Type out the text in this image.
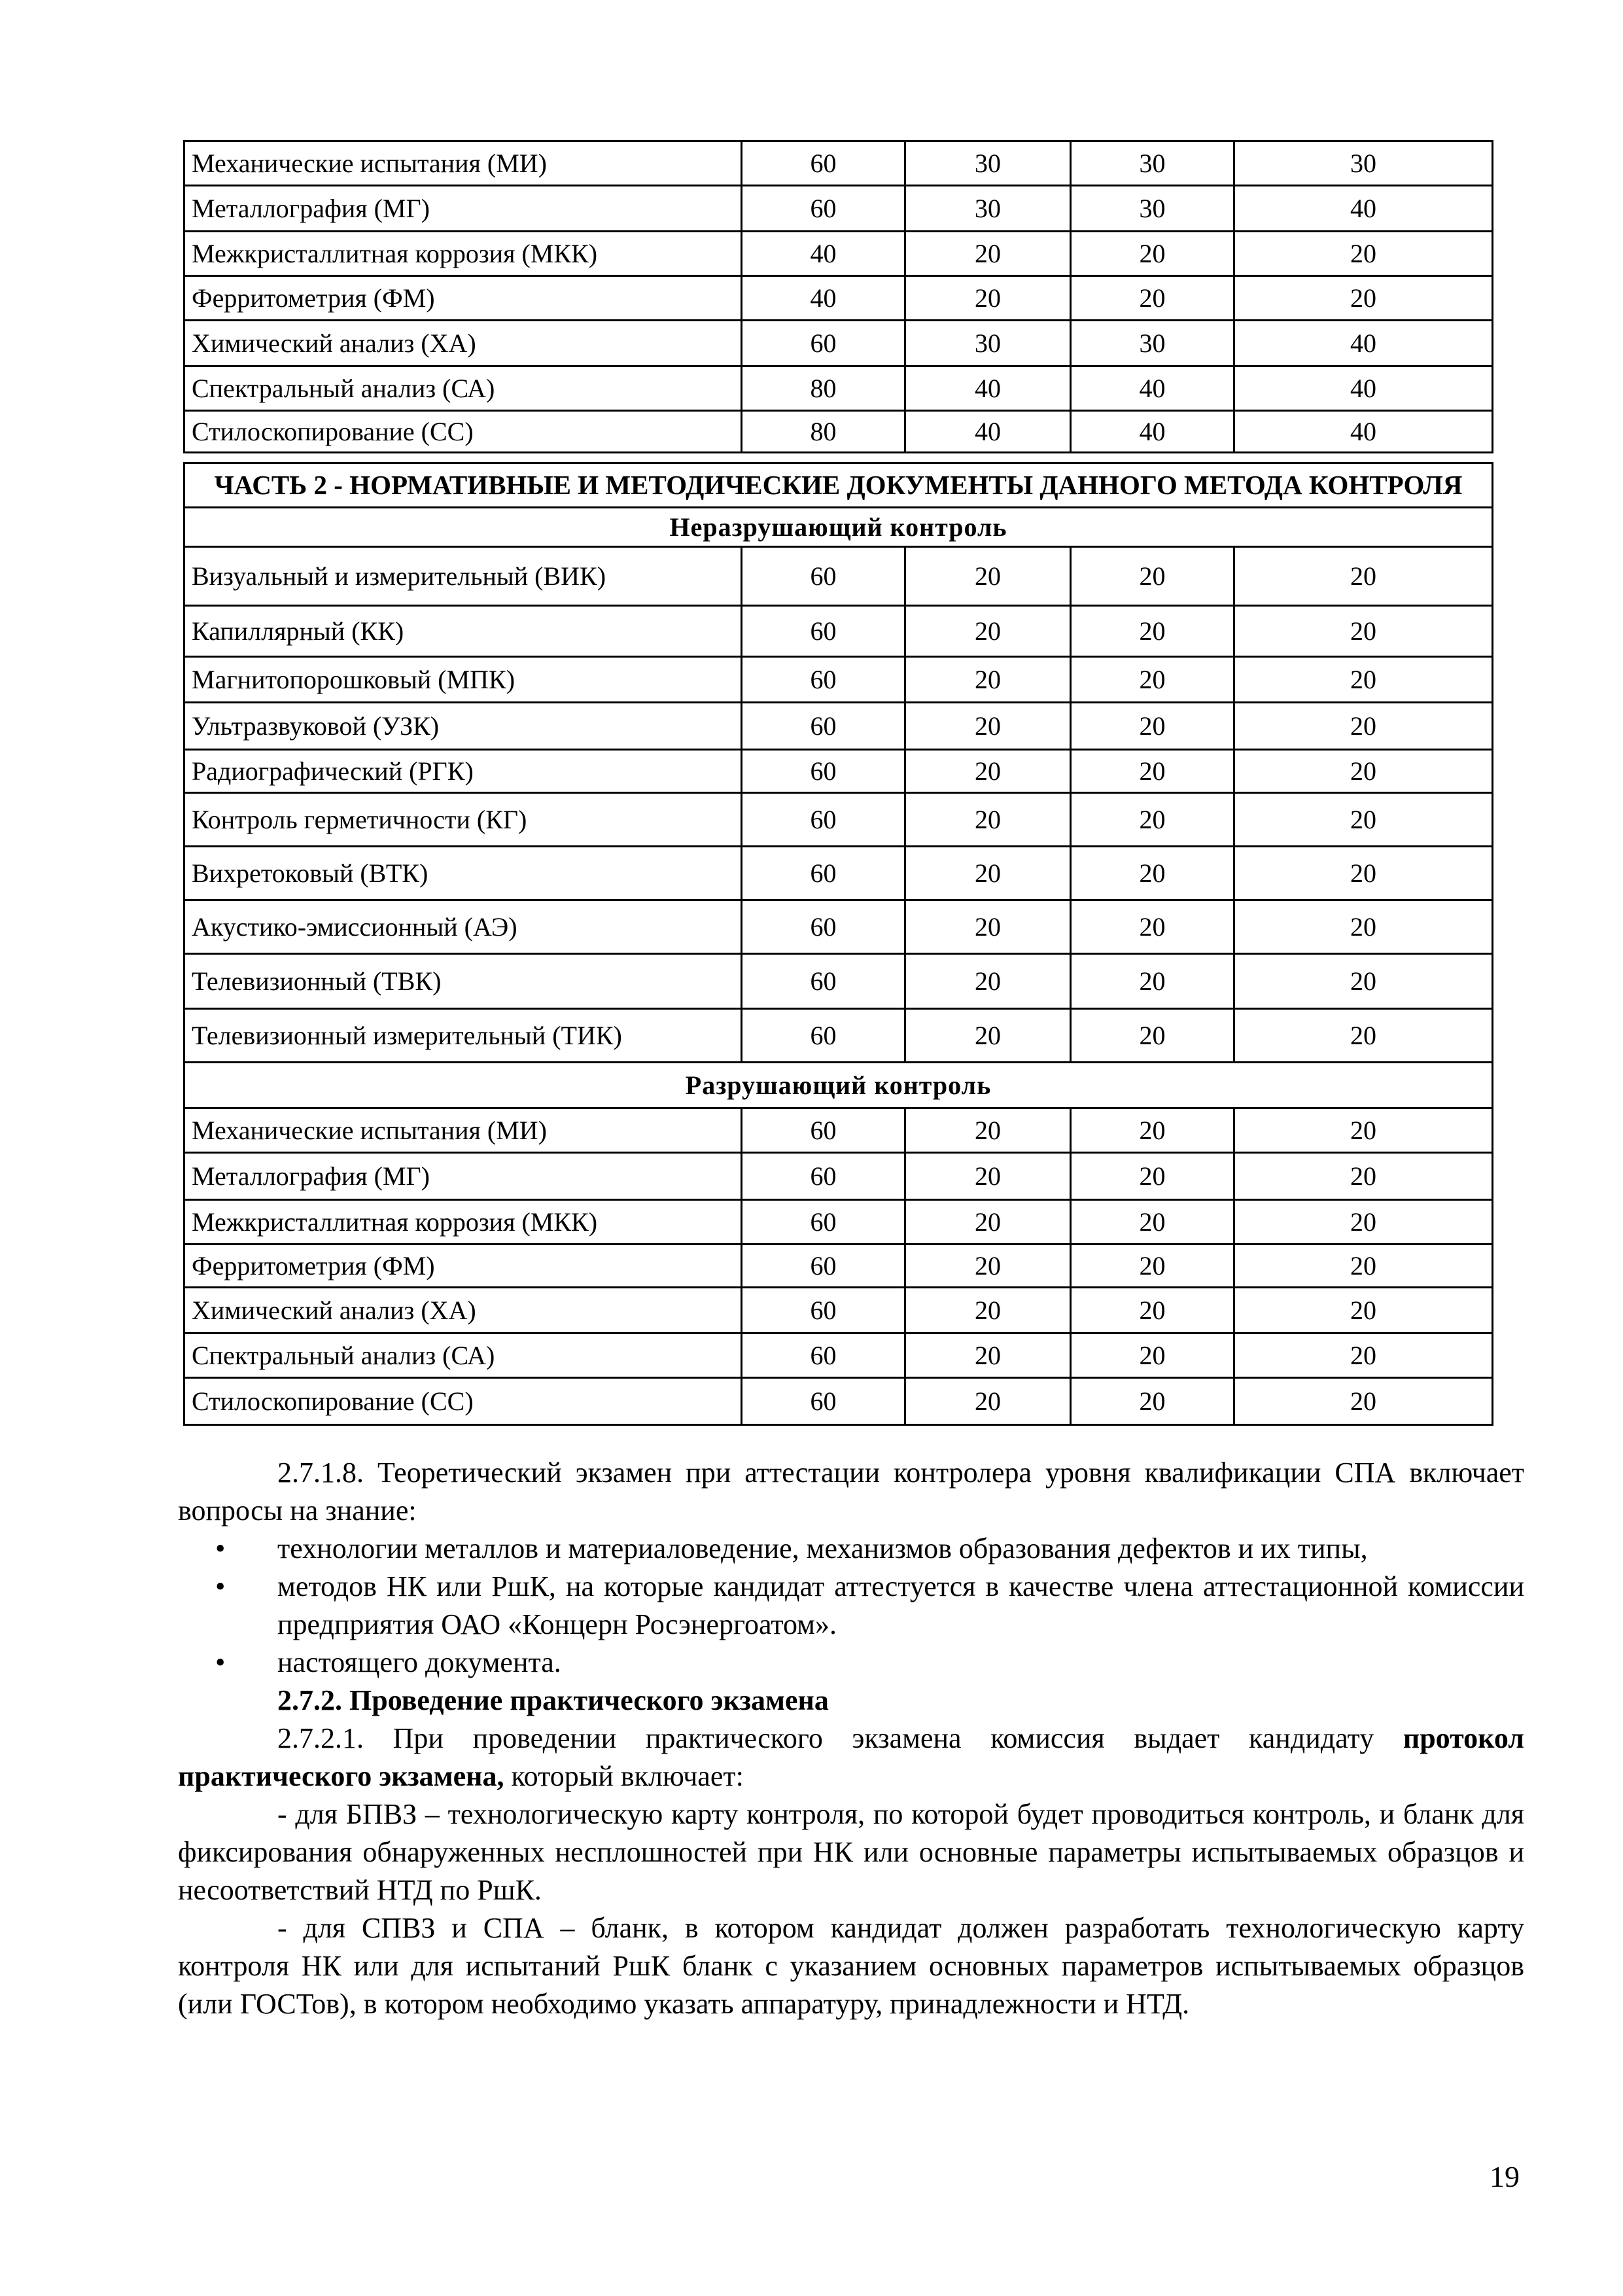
Механические испытания (МИ)	60	30	30	30
Металлография (МГ)	60	30	30	40
Межкристаллитная коррозия (МКК)	40	20	20	20
Ферритометрия (ФМ)	40	20	20	20
Химический анализ (ХА)	60	30	30	40
Спектральный анализ (СА)	80	40	40	40
Стилоскопирование (СС)	80	40	40	40
ЧАСТЬ 2 - НОРМАТИВНЫЕ И МЕТОДИЧЕСКИЕ ДОКУМЕНТЫ ДАННОГО МЕТОДА КОНТРОЛЯ				
Неразрушающий контроль				
Визуальный и измерительный (ВИК)	60	20	20	20
Капиллярный (КК)	60	20	20	20
Магнитопорошковый (МПК)	60	20	20	20
Ультразвуковой (УЗК)	60	20	20	20
Радиографический (РГК)	60	20	20	20
Контроль герметичности (КГ)	60	20	20	20
Вихретоковый (ВТК)	60	20	20	20
Акустико-эмиссионный (АЭ)	60	20	20	20
Телевизионный (ТВК)	60	20	20	20
Телевизионный измерительный (ТИК)	60	20	20	20
Разрушающий контроль				
Механические испытания (МИ)	60	20	20	20
Металлография (МГ)	60	20	20	20
Межкристаллитная коррозия (МКК)	60	20	20	20
Ферритометрия (ФМ)	60	20	20	20
Химический анализ (ХА)	60	20	20	20
Спектральный анализ (СА)	60	20	20	20
Стилоскопирование (СС)	60	20	20	20

2.7.1.8. Теоретический экзамен при аттестации контролера уровня квалификации СПА включает вопросы на знание:

• технологии металлов и материаловедение, механизмов образования дефектов и их типы,
• методов НК или РшК, на которые кандидат аттестуется в качестве члена аттестационной комиссии предприятия ОАО «Концерн Росэнергоатом».
• настоящего документа.

2.7.2. Проведение практического экзамена

2.7.2.1. При проведении практического экзамена комиссия выдает кандидату протокол практического экзамена, который включает:

- для БПВЗ – технологическую карту контроля, по которой будет проводиться контроль, и бланк для фиксирования обнаруженных несплошностей при НК или основные параметры испытываемых образцов и несоответствий НТД по РшК.

- для СПВЗ и СПА – бланк, в котором кандидат должен разработать технологическую карту контроля НК или для испытаний РшК бланк с указанием основных параметров испытываемых образцов (или ГОСТов), в котором необходимо указать аппаратуру, принадлежности и НТД.

19
